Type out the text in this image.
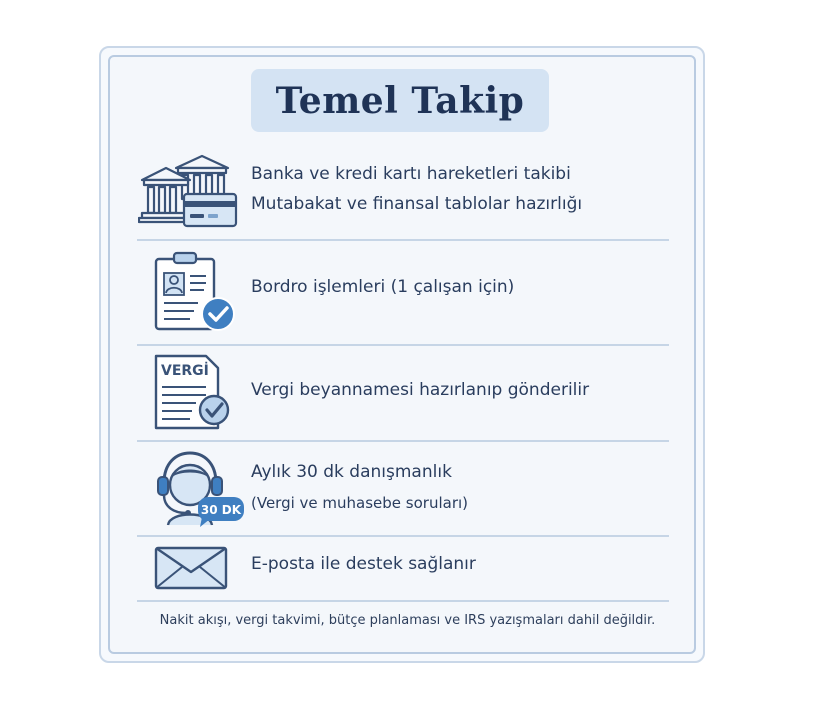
Temel Takip
Banka ve kredi kartı hareketleri takibi
Mutabakat ve finansal tablolar hazırlığı
Bordro işlemleri (1 çalışan için)
VERGİ
Vergi beyannamesi hazırlanıp gönderilir
30 DK
Aylık 30 dk danışmanlık
(Vergi ve muhasebe soruları)
E-posta ile destek sağlanır
Nakit akışı, vergi takvimi, bütçe planlaması ve IRS yazışmaları dahil değildir.
